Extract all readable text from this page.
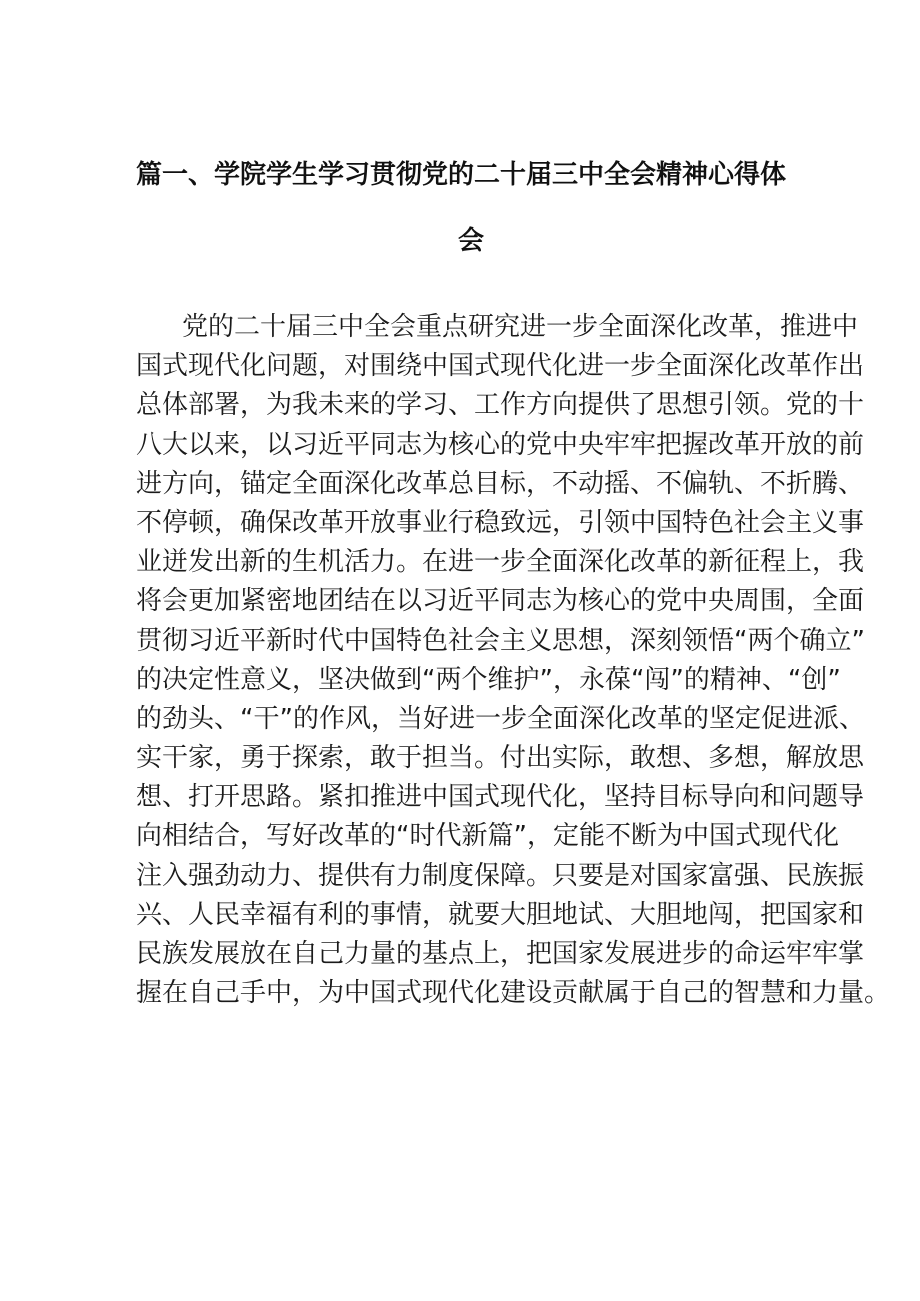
篇一、学院学生学习贯彻党的二十届三中全会精神心得体
会
党的二十届三中全会重点研究进一步全面深化改革，推进中
国式现代化问题，对围绕中国式现代化进一步全面深化改革作出
总体部署，为我未来的学习、工作方向提供了思想引领。党的十
八大以来，以习近平同志为核心的党中央牢牢把握改革开放的前
进方向，锚定全面深化改革总目标，不动摇、不偏轨、不折腾、
不停顿，确保改革开放事业行稳致远，引领中国特色社会主义事
业迸发出新的生机活力。在进一步全面深化改革的新征程上，我
将会更加紧密地团结在以习近平同志为核心的党中央周围，全面
贯彻习近平新时代中国特色社会主义思想，深刻领悟“两个确立”
的决定性意义，坚决做到“两个维护”，永葆“闯”的精神、“创”
的劲头、“干”的作风，当好进一步全面深化改革的坚定促进派、
实干家，勇于探索，敢于担当。付出实际，敢想、多想，解放思
想、打开思路。紧扣推进中国式现代化，坚持目标导向和问题导
向相结合，写好改革的“时代新篇”，定能不断为中国式现代化
注入强劲动力、提供有力制度保障。只要是对国家富强、民族振
兴、人民幸福有利的事情，就要大胆地试、大胆地闯，把国家和
民族发展放在自己力量的基点上，把国家发展进步的命运牢牢掌
握在自己手中，为中国式现代化建设贡献属于自己的智慧和力量。
